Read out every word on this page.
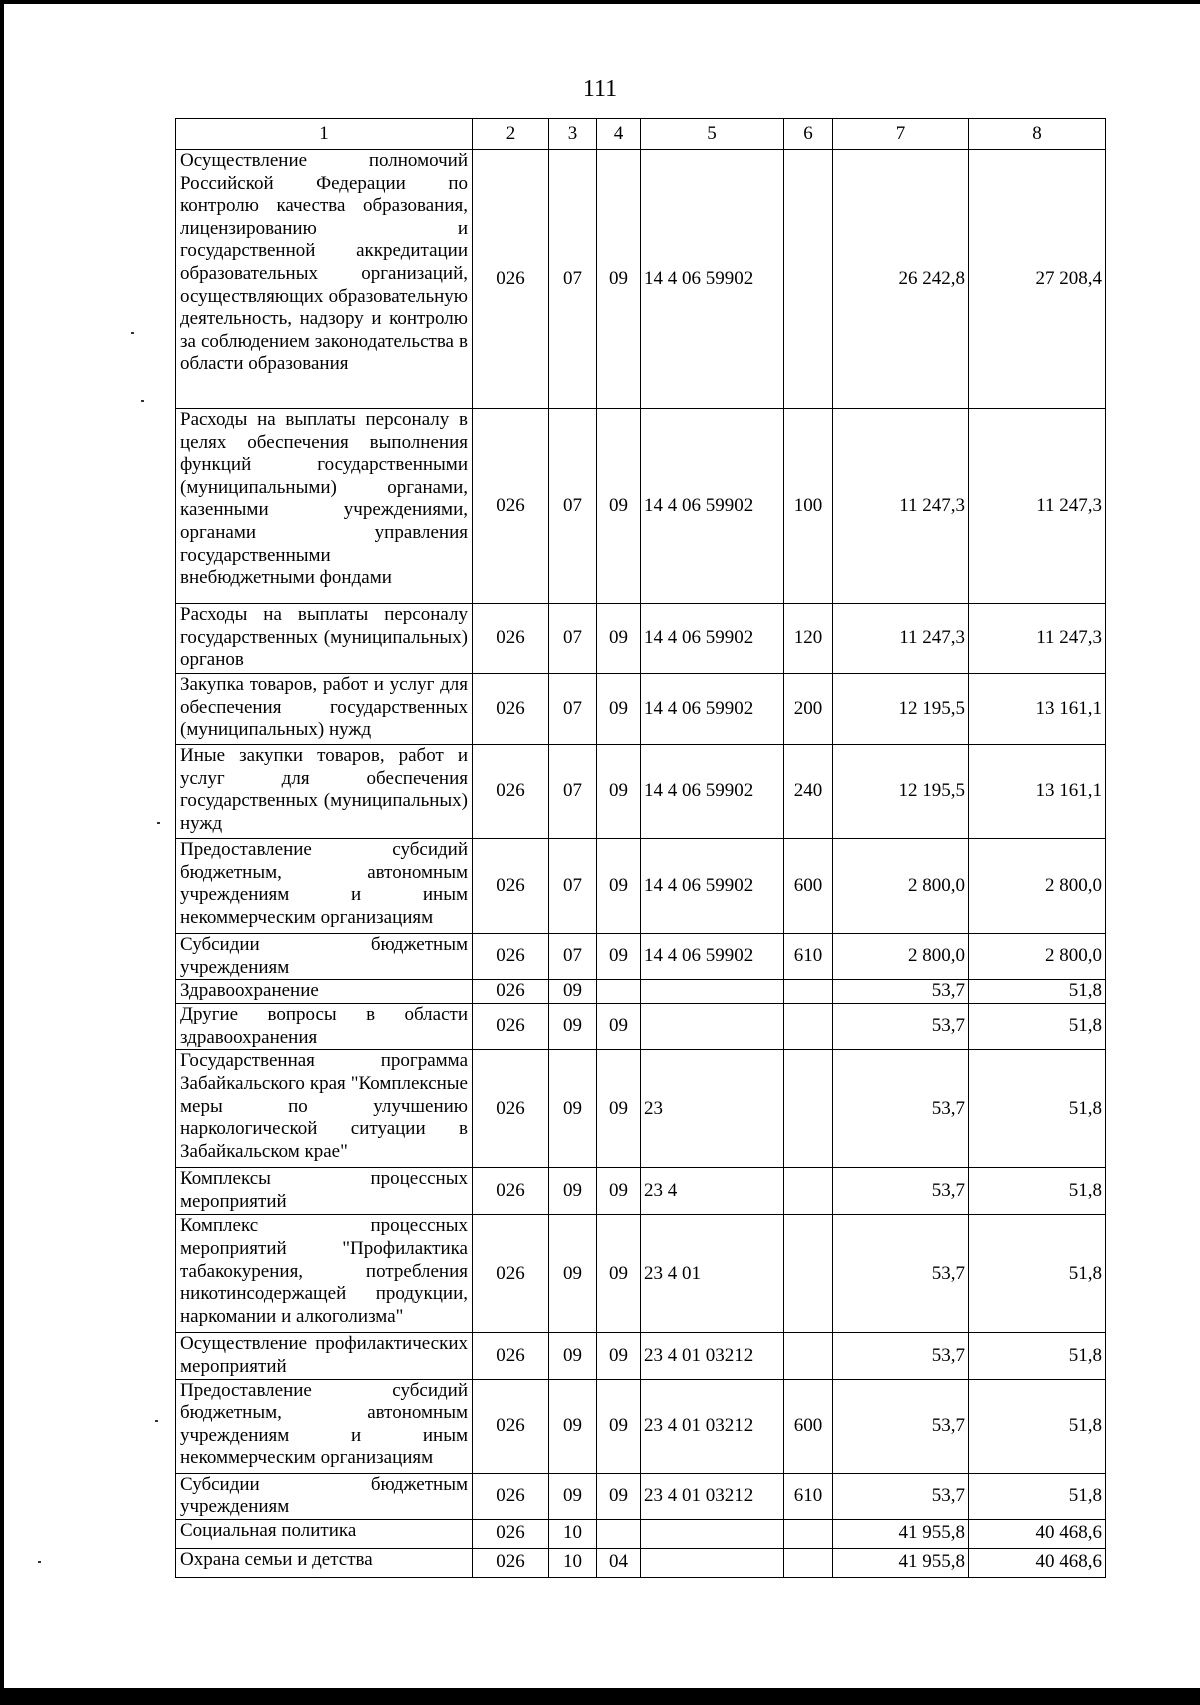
111
1	2	3	4	5	6	7	8
Осуществление полномочий Российской Федерации по контролю качества образования, лицензированию и государственной аккредитации образовательных организаций, осуществляющих образовательную деятельность, надзору и контролю за соблюдением законодательства в области образования	026	07	09	14 4 06 59902		26 242,8	27 208,4
Расходы на выплаты персоналу в целях обеспечения выполнения функций государственными (муниципальными) органами, казенными учреждениями, органами управления государственными внебюджетными фондами	026	07	09	14 4 06 59902	100	11 247,3	11 247,3
Расходы на выплаты персоналу государственных (муниципальных) органов	026	07	09	14 4 06 59902	120	11 247,3	11 247,3
Закупка товаров, работ и услуг для обеспечения государственных (муниципальных) нужд	026	07	09	14 4 06 59902	200	12 195,5	13 161,1
Иные закупки товаров, работ и услуг для обеспечения государственных (муниципальных) нужд	026	07	09	14 4 06 59902	240	12 195,5	13 161,1
Предоставление субсидий бюджетным, автономным учреждениям и иным некоммерческим организациям	026	07	09	14 4 06 59902	600	2 800,0	2 800,0
Субсидии бюджетным учреждениям	026	07	09	14 4 06 59902	610	2 800,0	2 800,0
Здравоохранение	026	09				53,7	51,8
Другие вопросы в области здравоохранения	026	09	09			53,7	51,8
Государственная программа Забайкальского края "Комплексные меры по улучшению наркологической ситуации в Забайкальском крае"	026	09	09	23		53,7	51,8
Комплексы процессных мероприятий	026	09	09	23 4		53,7	51,8
Комплекс процессных мероприятий "Профилактика табакокурения, потребления никотинсодержащей продукции, наркомании и алкоголизма"	026	09	09	23 4 01		53,7	51,8
Осуществление профилактических мероприятий	026	09	09	23 4 01 03212		53,7	51,8
Предоставление субсидий бюджетным, автономным учреждениям и иным некоммерческим организациям	026	09	09	23 4 01 03212	600	53,7	51,8
Субсидии бюджетным учреждениям	026	09	09	23 4 01 03212	610	53,7	51,8
Социальная политика	026	10				41 955,8	40 468,6
Охрана семьи и детства	026	10	04			41 955,8	40 468,6
